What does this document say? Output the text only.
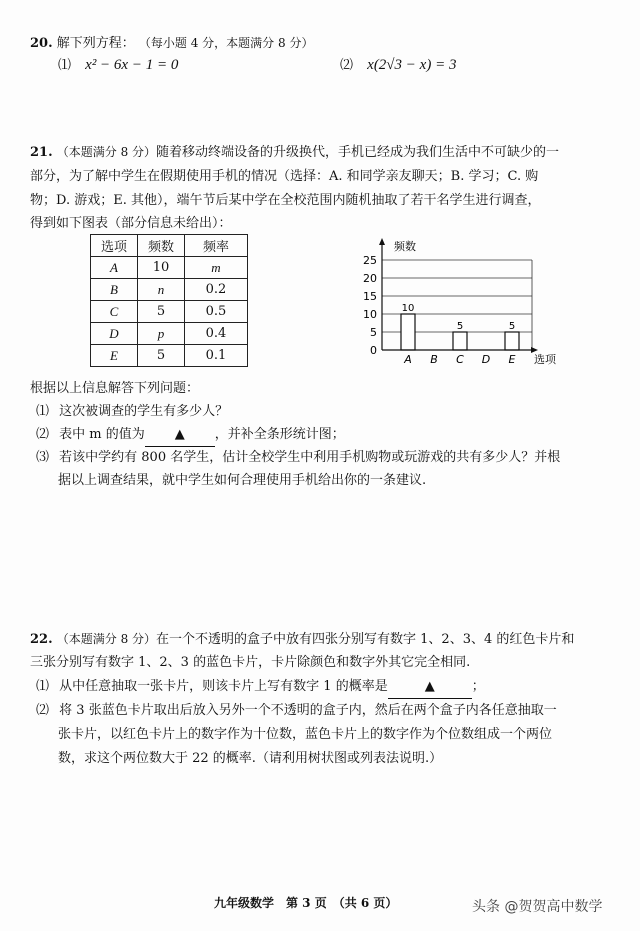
20. 解下列方程： （每小题 4 分，本题满分 8 分）
⑴ x² − 6x − 1 = 0	⑵ x(2√3 − x) = 3
21. （本题满分 8 分）随着移动终端设备的升级换代，手机已经成为我们生活中不可缺少的一
部分，为了解中学生在假期使用手机的情况（选择：A. 和同学亲友聊天；B. 学习；C. 购
物；D. 游戏；E. 其他），端午节后某中学在全校范围内随机抽取了若干名学生进行调查，
得到如下图表（部分信息未给出）：
选项	频数	频率
A	10	m
B	n	0.2
C	5	0.5
D	p	0.4
E	5	0.1	0
5
10
15
20
25
10
5	5
A B C D E
频数
选项
根据以上信息解答下列问题：
⑴ 这次被调查的学生有多少人？
⑵ 表中 m 的值为 ▲ ，并补全条形统计图；
⑶ 若该中学约有 800 名学生，估计全校学生中利用手机购物或玩游戏的共有多少人？并根
据以上调查结果，就中学生如何合理使用手机给出你的一条建议.
22. （本题满分 8 分）在一个不透明的盒子中放有四张分别写有数字 1、2、3、4 的红色卡片和
三张分别写有数字 1、2、3 的蓝色卡片，卡片除颜色和数字外其它完全相同.
⑴ 从中任意抽取一张卡片，则该卡片上写有数字 1 的概率是	▲	；
⑵ 将 3 张蓝色卡片取出后放入另外一个不透明的盒子内，然后在两个盒子内各任意抽取一
张卡片，以红色卡片上的数字作为十位数，蓝色卡片上的数字作为个位数组成一个两位
数，求这个两位数大于 22 的概率.（请利用树状图或列表法说明.）
九年级数学　第 3 页　（共 6 页）	头条 @贺贺高中数学
